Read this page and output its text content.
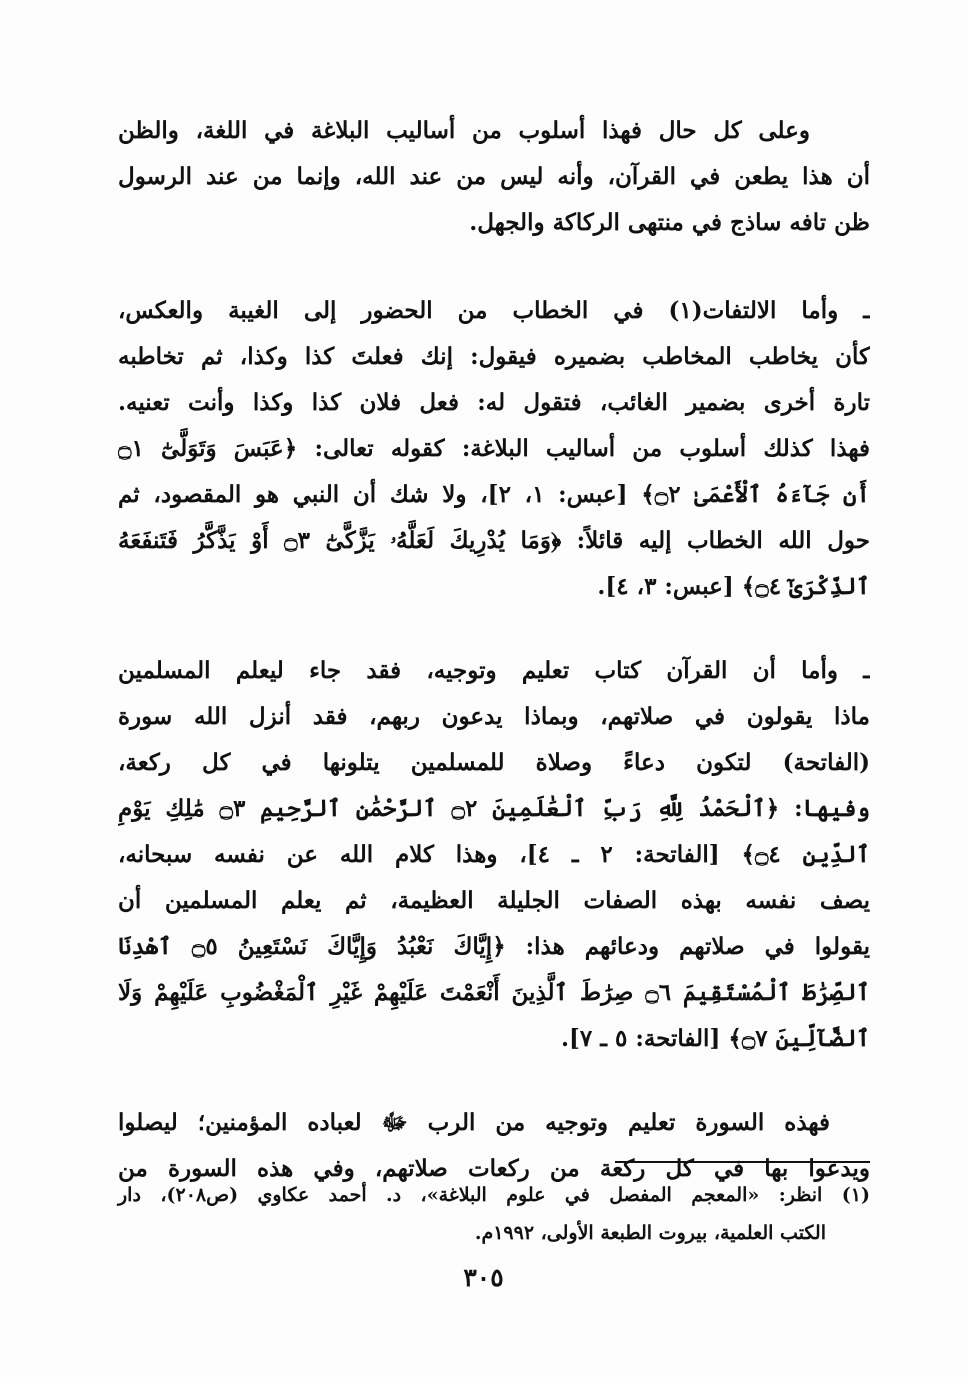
وعلى كل حال فهذا أسلوب من أساليب البلاغة في اللغة، والظن
أن هذا يطعن في القرآن، وأنه ليس من عند الله، وإنما من عند الرسول
ظن تافه ساذج في منتهى الركاكة والجهل.
ـ وأما الالتفات(١) في الخطاب من الحضور إلى الغيبة والعكس،
كأن يخاطب المخاطب بضميره فيقول: إنك فعلتَ كذا وكذا، ثم تخاطبه
تارة أخرى بضمير الغائب، فتقول له: فعل فلان كذا وكذا وأنت تعنيه.
فهذا كذلك أسلوب من أساليب البلاغة: كقوله تعالى: ﴿عَبَسَ وَتَوَلَّىٰٓ ۝١
أَن جَآءَهُ ٱلْأَعْمَىٰ ۝٢﴾ [عبس: ١، ٢]، ولا شك أن النبي هو المقصود، ثم
حول الله الخطاب إليه قائلاً: ﴿وَمَا يُدْرِيكَ لَعَلَّهُۥ يَزَّكَّىٰٓ ۝٣ أَوْ يَذَّكَّرُ فَتَنفَعَهُ
ٱلذِّكْرَىٰٓ ۝٤﴾ [عبس: ٣، ٤].
ـ وأما أن القرآن كتاب تعليم وتوجيه، فقد جاء ليعلم المسلمين
ماذا يقولون في صلاتهم، وبماذا يدعون ربهم، فقد أنزل الله سورة
(الفاتحة) لتكون دعاءً وصلاة للمسلمين يتلونها في كل ركعة،
وفيها: ﴿ٱلْحَمْدُ لِلَّهِ رَبِّ ٱلْعَٰلَمِينَ ۝٢ ٱلرَّحْمَٰنِ ٱلرَّحِيمِ ۝٣ مَٰلِكِ يَوْمِ
ٱلدِّينِ ۝٤﴾ [الفاتحة: ٢ ـ ٤]، وهذا كلام الله عن نفسه سبحانه،
يصف نفسه بهذه الصفات الجليلة العظيمة، ثم يعلم المسلمين أن
يقولوا في صلاتهم ودعائهم هذا: ﴿إِيَّاكَ نَعْبُدُ وَإِيَّاكَ نَسْتَعِينُ ۝٥ ٱهْدِنَا
ٱلصِّرَٰطَ ٱلْمُسْتَقِيمَ ۝٦ صِرَٰطَ ٱلَّذِينَ أَنْعَمْتَ عَلَيْهِمْ غَيْرِ ٱلْمَغْضُوبِ عَلَيْهِمْ وَلَا
ٱلضَّآلِّينَ ۝٧﴾ [الفاتحة: ٥ ـ ٧].
فهذه السورة تعليم وتوجيه من الرب ﷻ لعباده المؤمنين؛ ليصلوا
ويدعوا بها في كل ركعة من ركعات صلاتهم، وفي هذه السورة من
(١) انظر: «المعجم المفصل في علوم البلاغة»، د. أحمد عكاوي (ص٢٠٨)، دار
الكتب العلمية، بيروت الطبعة الأولى، ١٩٩٢م.
٣٠٥
